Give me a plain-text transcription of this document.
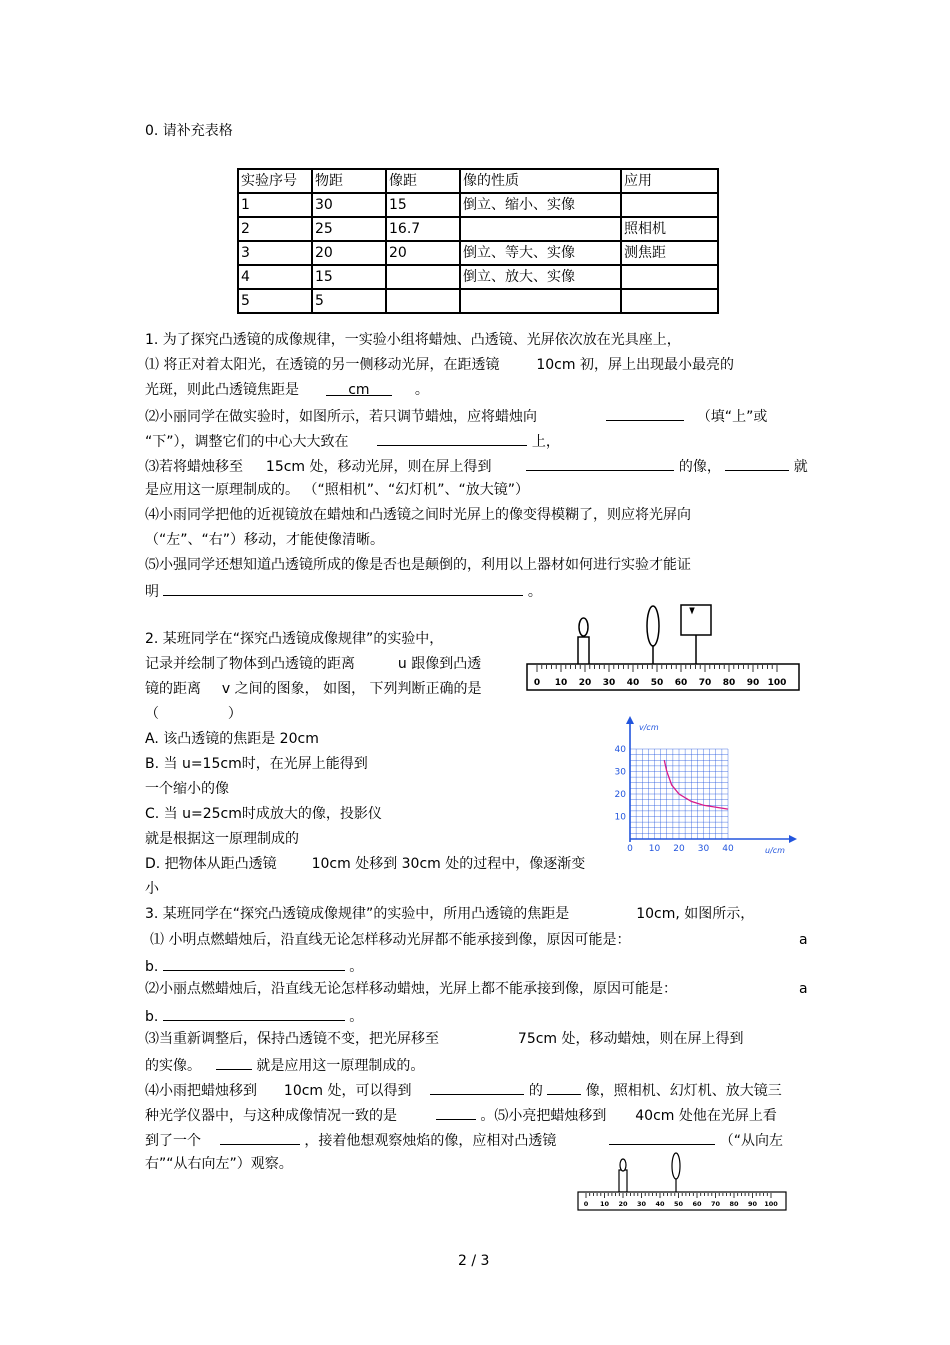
0. 请补充表格
实验序号	物距	像距	像的性质	应用
1	30	15	倒立、缩小、实像	
2	25	16.7		照相机
3	20	20	倒立、等大、实像	测焦距
4	15		倒立、放大、实像	
5	5			
1. 为了探究凸透镜的成像规律，一实验小组将蜡烛、凸透镜、光屏依次放在光具座上，
⑴ 将正对着太阳光，在透镜的另一侧移动光屏，在距透镜	10cm 初，屏上出现最小最亮的
光斑，则此凸透镜焦距是	cm	。
⑵小丽同学在做实验时，如图所示，若只调节蜡烛，应将蜡烛向	（填“上”或
“下”），调整它们的中心大大致在	上，
⑶若将蜡烛移至 15cm 处，移动光屏，则在屏上得到	的像，	就
是应用这一原理制成的。 （“照相机”、“幻灯机”、“放大镜”）
⑷小雨同学把他的近视镜放在蜡烛和凸透镜之间时光屏上的像变得模糊了，则应将光屏向
（“左”、“右”）移动，才能使像清晰。
⑸小强同学还想知道凸透镜所成的像是否也是颠倒的，利用以上器材如何进行实验才能证
明	。
2. 某班同学在“探究凸透镜成像规律”的实验中，
记录并绘制了物体到凸透镜的距离	u 跟像到凸透
镜的距离 v 之间的图象， 如图， 下列判断正确的是
（	）
A. 该凸透镜的焦距是 20cm
B. 当 u=15cm时，在光屏上能得到
一个缩小的像
C. 当 u=25cm时成放大的像，投影仪
就是根据这一原理制成的
D. 把物体从距凸透镜 10cm 处移到 30cm 处的过程中，像逐渐变
小
0 10 20 30 40 50 60 70 80 90 100
v/cm
u/cm
0 10 20 30 40
10
20
30
40
3. 某班同学在“探究凸透镜成像规律”的实验中，所用凸透镜的焦距是	10cm, 如图所示，
⑴ 小明点燃蜡烛后，沿直线无论怎样移动光屏都不能承接到像，原因可能是：	a
b.	。
⑵小丽点燃蜡烛后，沿直线无论怎样移动蜡烛，光屏上都不能承接到像，原因可能是：	a
b.	。
⑶当重新调整后，保持凸透镜不变，把光屏移至	75cm 处，移动蜡烛，则在屏上得到
的实像。	就是应用这一原理制成的。
⑷小雨把蜡烛移到 10cm 处，可以得到	的	像，照相机、幻灯机、放大镜三
种光学仪器中，与这种成像情况一致的是	。⑸小亮把蜡烛移到 40cm 处他在光屏上看
到了一个	，接着他想观察烛焰的像，应相对凸透镜	（“从向左
右”“从右向左”）观察。
0 10 20 30 40 50 60 70 80 90 100
2 / 3
